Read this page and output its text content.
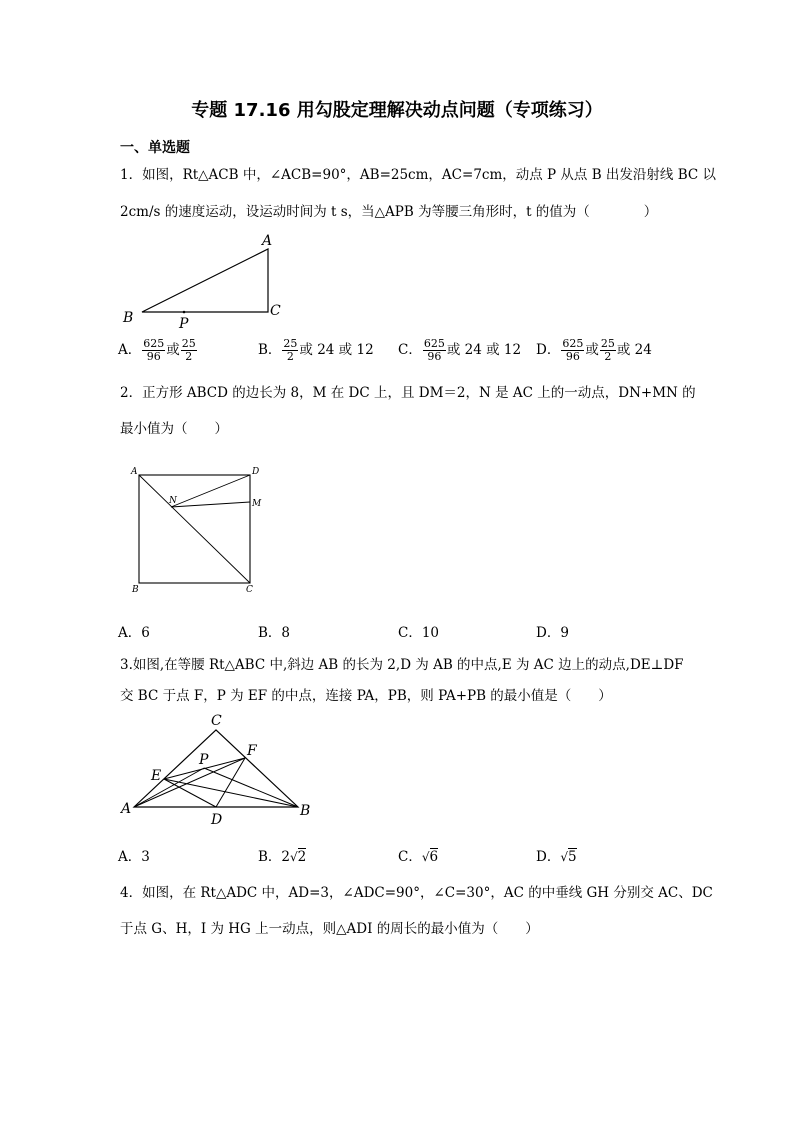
专题 17.16 用勾股定理解决动点问题（专项练习）
一、单选题
1．如图，Rt△ACB 中，∠ACB=90°，AB=25cm，AC=7cm，动点 P 从点 B 出发沿射线 BC 以
2cm/s 的速度运动，设运动时间为 t s，当△APB 为等腰三角形时，t 的值为（　　　　）
A
B	C
P
A． $\frac{625}{96}$ 或 $\frac{25}{2}$	B． $\frac{25}{2}$ 或 24 或 12 C． $\frac{625}{96}$ 或 24 或 12 D． $\frac{625}{96}$ 或 $\frac{25}{2}$ 或 24
2．正方形 ABCD 的边长为 8，M 在 DC 上，且 DM＝2，N 是 AC 上的一动点，DN+MN 的
最小值为（　　）
A	D
M
N
B	C
A．6	B．8	C．10	D．9
3.如图,在等腰 Rt△ABC 中,斜边 AB 的长为 2,D 为 AB 的中点,E 为 AC 边上的动点,DE⊥DF
交 BC 于点 F，P 为 EF 的中点，连接 PA，PB，则 PA+PB 的最小值是（　　）
C
F
P
E
A
D
B
A．3	B．2√2	C．√6	D．√5
4．如图，在 Rt△ADC 中，AD=3，∠ADC=90°，∠C=30°，AC 的中垂线 GH 分别交 AC、DC
于点 G、H，I 为 HG 上一动点，则△ADI 的周长的最小值为（　　）
